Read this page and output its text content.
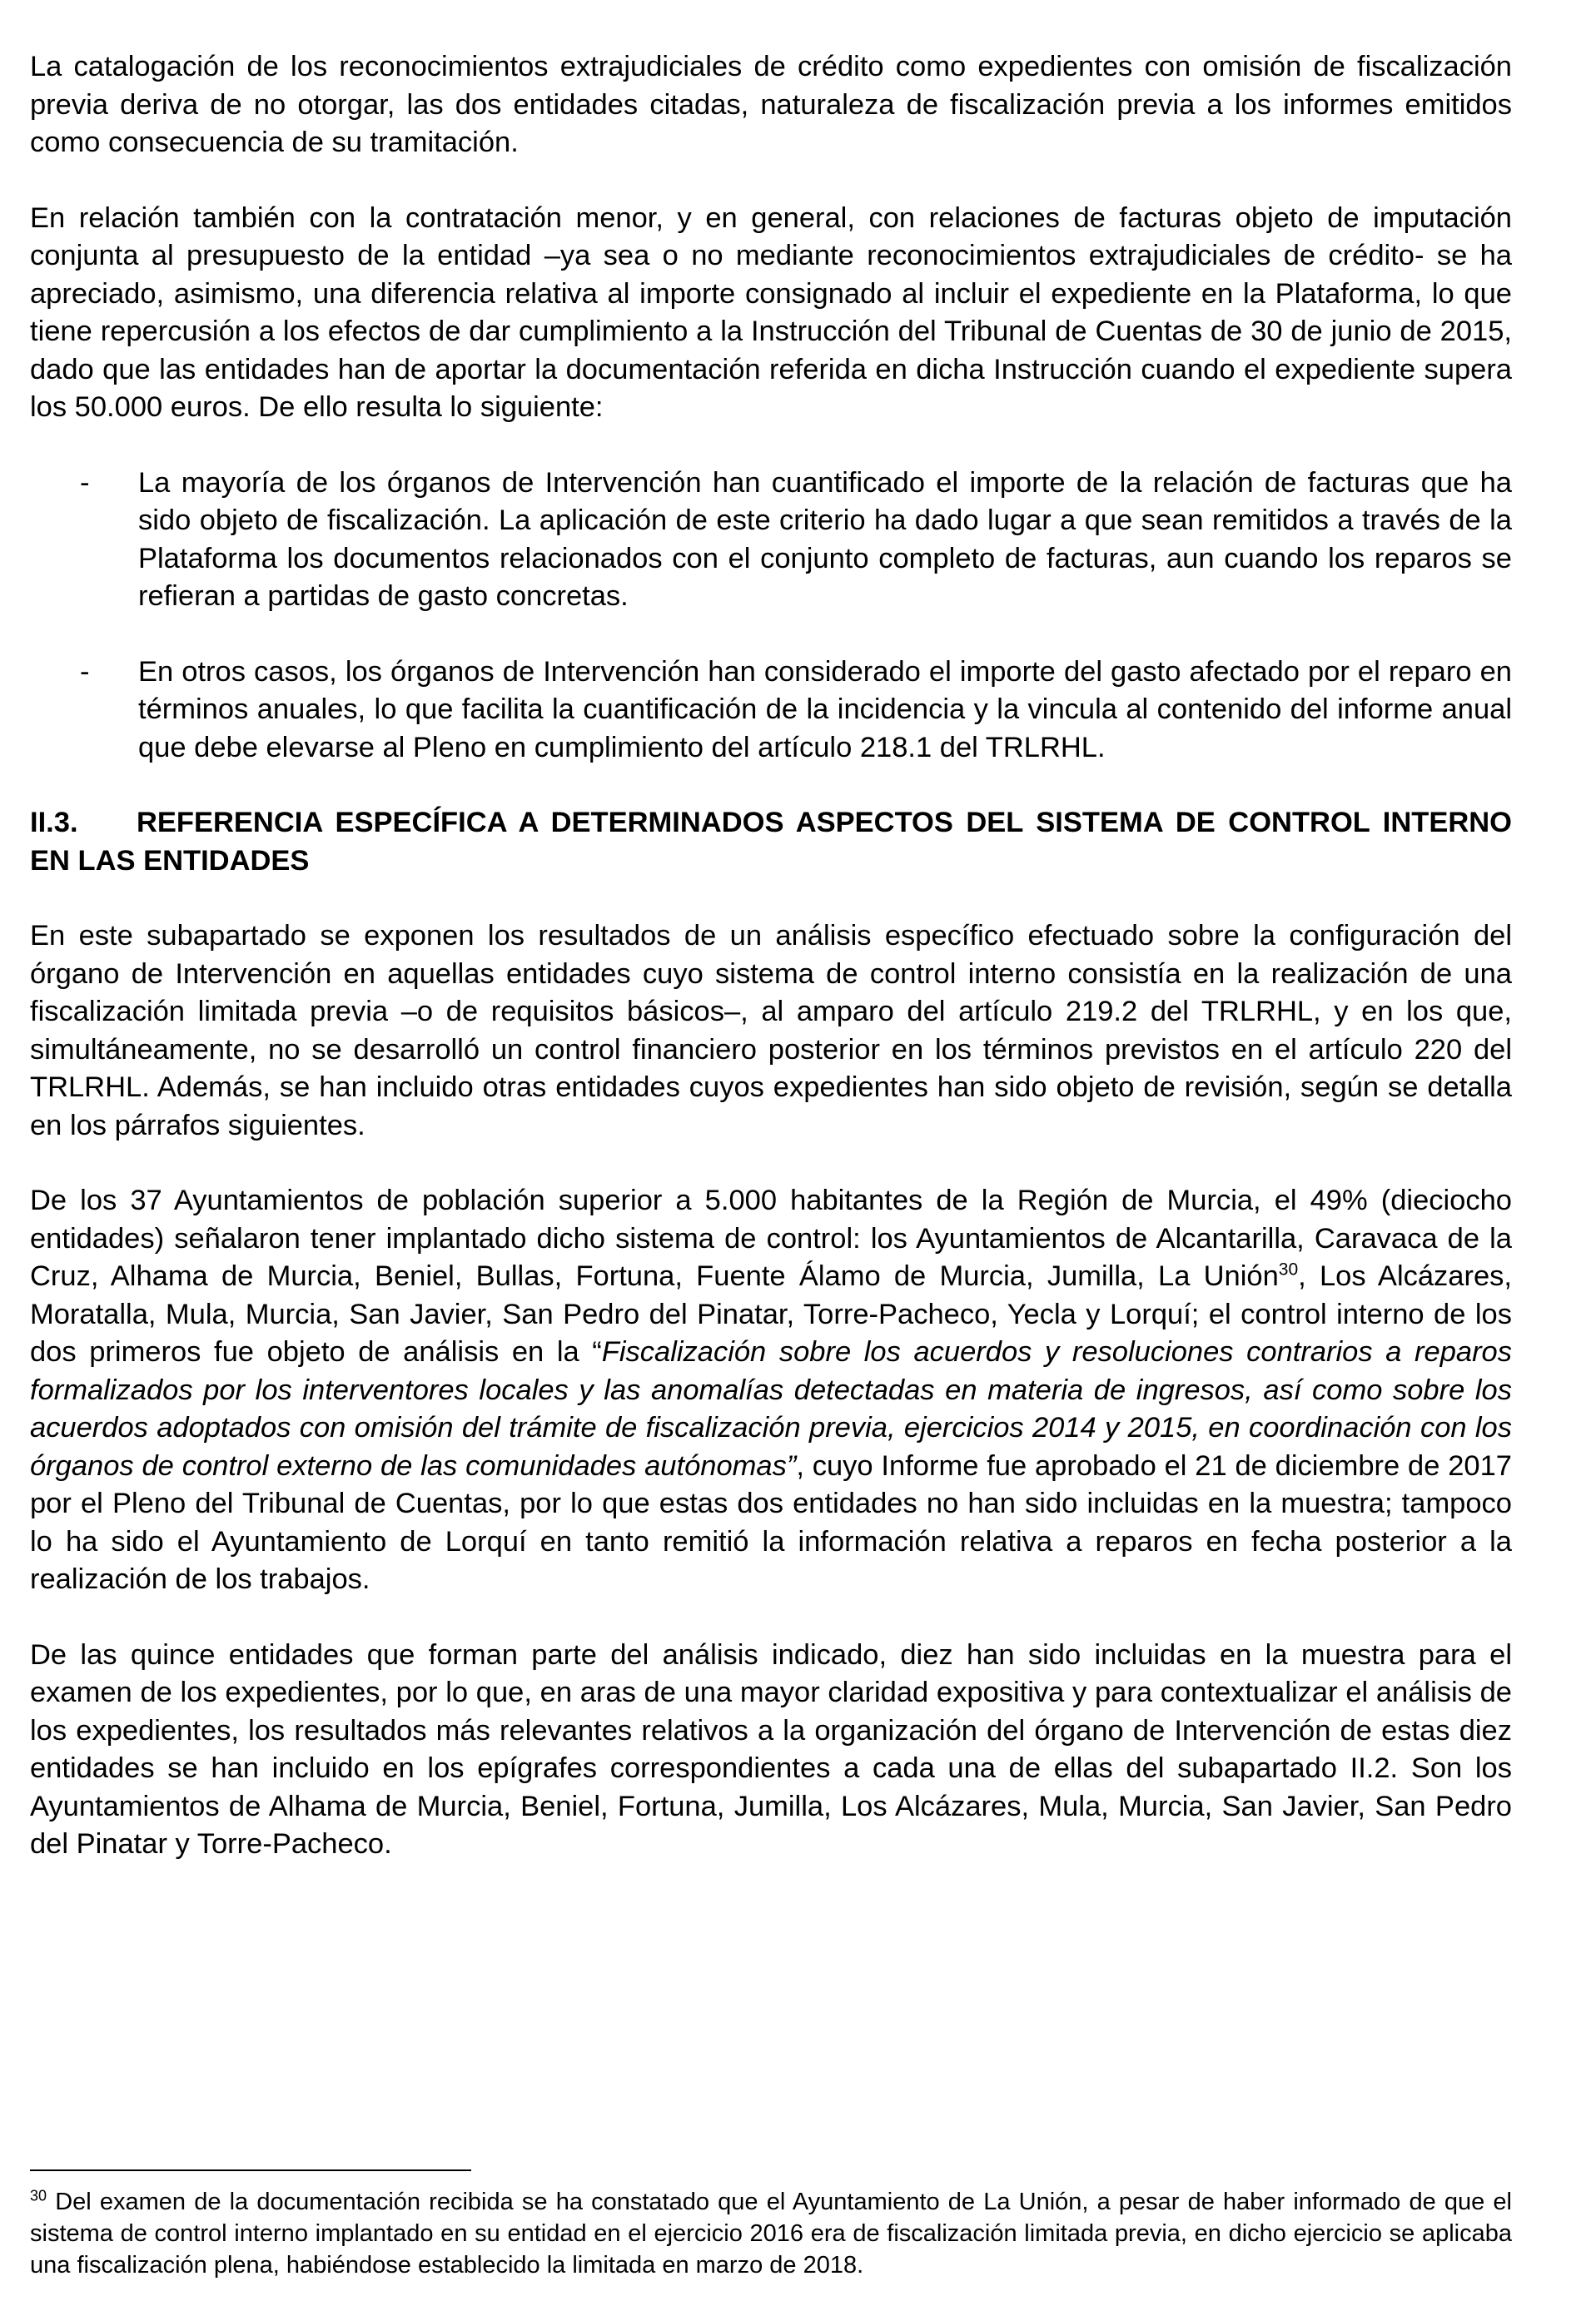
La catalogación de los reconocimientos extrajudiciales de crédito como expedientes con omisión de fiscalización previa deriva de no otorgar, las dos entidades citadas, naturaleza de fiscalización previa a los informes emitidos como consecuencia de su tramitación.

En relación también con la contratación menor, y en general, con relaciones de facturas objeto de imputación conjunta al presupuesto de la entidad –ya sea o no mediante reconocimientos extrajudiciales de crédito- se ha apreciado, asimismo, una diferencia relativa al importe consignado al incluir el expediente en la Plataforma, lo que tiene repercusión a los efectos de dar cumplimiento a la Instrucción del Tribunal de Cuentas de 30 de junio de 2015, dado que las entidades han de aportar la documentación referida en dicha Instrucción cuando el expediente supera los 50.000 euros. De ello resulta lo siguiente:

- La mayoría de los órganos de Intervención han cuantificado el importe de la relación de facturas que ha sido objeto de fiscalización. La aplicación de este criterio ha dado lugar a que sean remitidos a través de la Plataforma los documentos relacionados con el conjunto completo de facturas, aun cuando los reparos se refieran a partidas de gasto concretas.
- En otros casos, los órganos de Intervención han considerado el importe del gasto afectado por el reparo en términos anuales, lo que facilita la cuantificación de la incidencia y la vincula al contenido del informe anual que debe elevarse al Pleno en cumplimiento del artículo 218.1 del TRLRHL.
II.3. REFERENCIA ESPECÍFICA A DETERMINADOS ASPECTOS DEL SISTEMA DE CONTROL INTERNO EN LAS ENTIDADES

En este subapartado se exponen los resultados de un análisis específico efectuado sobre la configuración del órgano de Intervención en aquellas entidades cuyo sistema de control interno consistía en la realización de una fiscalización limitada previa –o de requisitos básicos–, al amparo del artículo 219.2 del TRLRHL, y en los que, simultáneamente, no se desarrolló un control financiero posterior en los términos previstos en el artículo 220 del TRLRHL. Además, se han incluido otras entidades cuyos expedientes han sido objeto de revisión, según se detalla en los párrafos siguientes.

De los 37 Ayuntamientos de población superior a 5.000 habitantes de la Región de Murcia, el 49% (dieciocho entidades) señalaron tener implantado dicho sistema de control: los Ayuntamientos de Alcantarilla, Caravaca de la Cruz, Alhama de Murcia, Beniel, Bullas, Fortuna, Fuente Álamo de Murcia, Jumilla, La Unión$^{30}$, Los Alcázares, Moratalla, Mula, Murcia, San Javier, San Pedro del Pinatar, Torre-Pacheco, Yecla y Lorquí; el control interno de los dos primeros fue objeto de análisis en la “Fiscalización sobre los acuerdos y resoluciones contrarios a reparos formalizados por los interventores locales y las anomalías detectadas en materia de ingresos, así como sobre los acuerdos adoptados con omisión del trámite de fiscalización previa, ejercicios 2014 y 2015, en coordinación con los órganos de control externo de las comunidades autónomas”, cuyo Informe fue aprobado el 21 de diciembre de 2017 por el Pleno del Tribunal de Cuentas, por lo que estas dos entidades no han sido incluidas en la muestra; tampoco lo ha sido el Ayuntamiento de Lorquí en tanto remitió la información relativa a reparos en fecha posterior a la realización de los trabajos.

De las quince entidades que forman parte del análisis indicado, diez han sido incluidas en la muestra para el examen de los expedientes, por lo que, en aras de una mayor claridad expositiva y para contextualizar el análisis de los expedientes, los resultados más relevantes relativos a la organización del órgano de Intervención de estas diez entidades se han incluido en los epígrafes correspondientes a cada una de ellas del subapartado II.2. Son los Ayuntamientos de Alhama de Murcia, Beniel, Fortuna, Jumilla, Los Alcázares, Mula, Murcia, San Javier, San Pedro del Pinatar y Torre-Pacheco.

$^{30}$ Del examen de la documentación recibida se ha constatado que el Ayuntamiento de La Unión, a pesar de haber informado de que el sistema de control interno implantado en su entidad en el ejercicio 2016 era de fiscalización limitada previa, en dicho ejercicio se aplicaba una fiscalización plena, habiéndose establecido la limitada en marzo de 2018.
